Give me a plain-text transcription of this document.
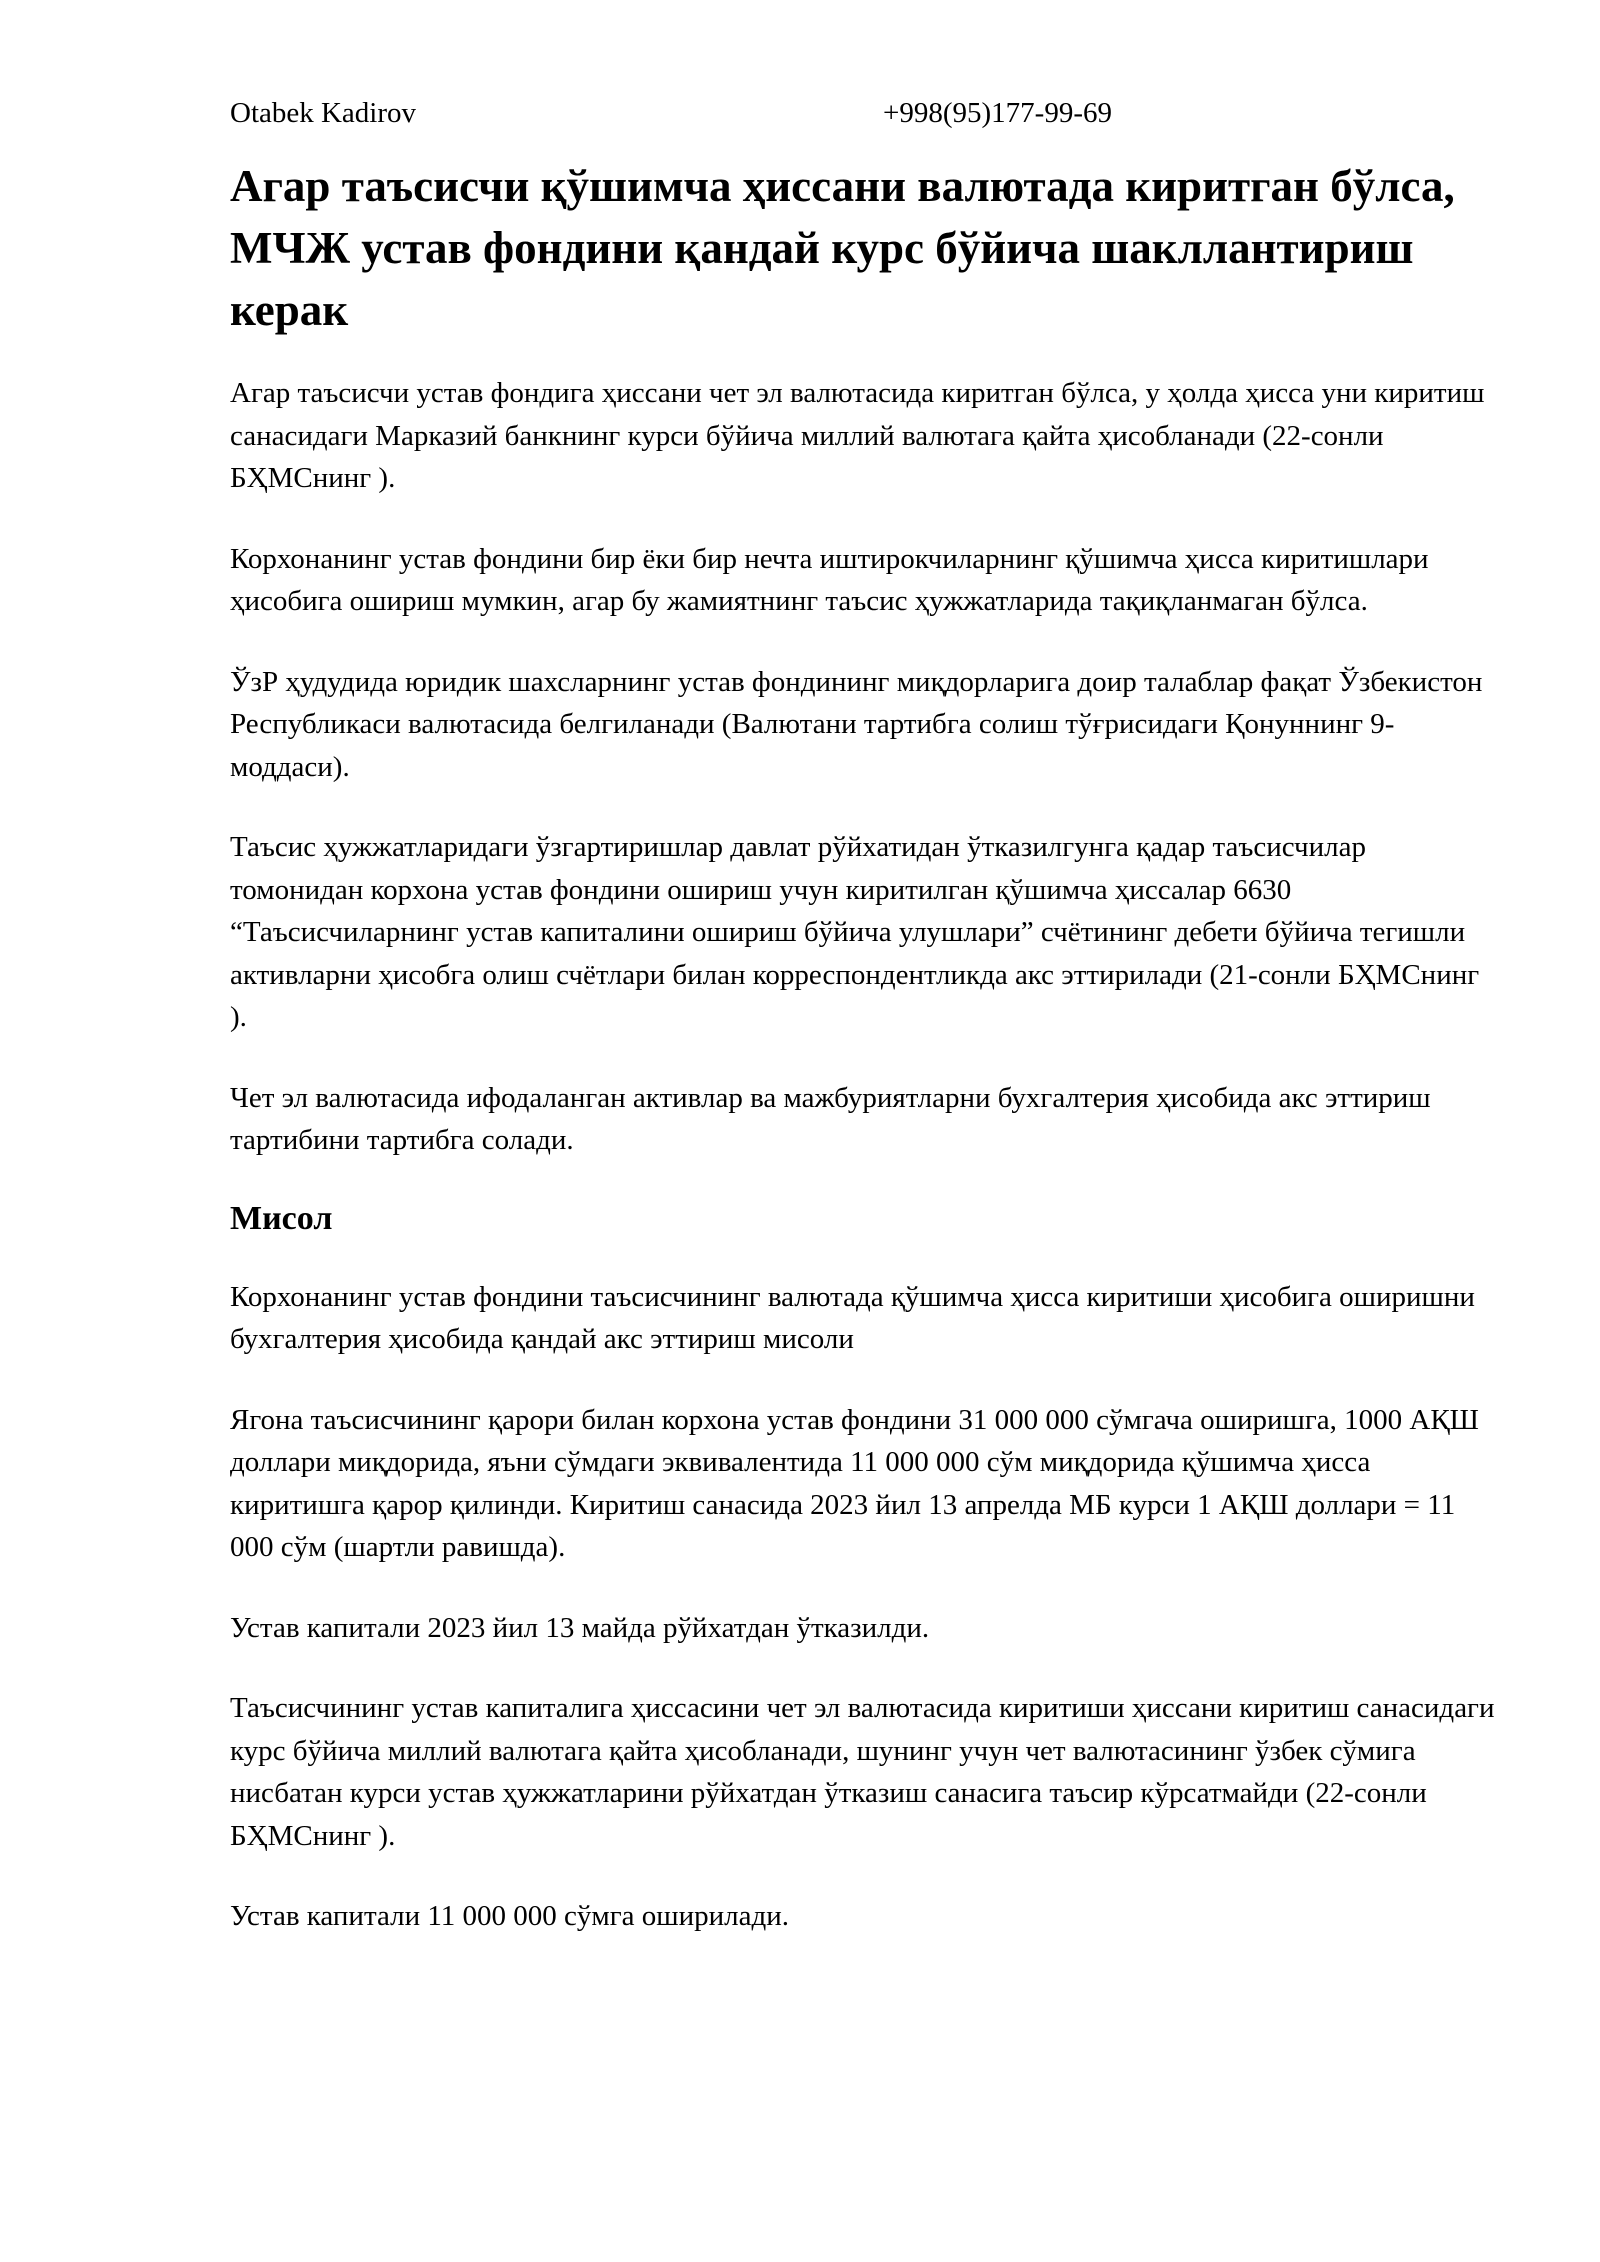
Otabek Kadirov	+998(95)177-99-69
Агар таъсисчи қўшимча ҳиссани валютада киритган бўлса, МЧЖ устав фондини қандай курс бўйича шакллантириш керак

Агар таъсисчи устав фондига ҳиссани чет эл валютасида киритган бўлса, у ҳолда ҳисса уни киритиш санасидаги Марказий банкнинг курси бўйича миллий валютага қайта ҳисобланади (22-сонли БҲМСнинг ).

Корхонанинг устав фондини бир ёки бир нечта иштирокчиларнинг қўшимча ҳисса киритишлари ҳисобига ошириш мумкин, агар бу жамиятнинг таъсис ҳужжатларида тақиқланмаган бўлса.

ЎзР ҳудудида юридик шахсларнинг устав фондининг миқдорларига доир талаблар фақат Ўзбекистон Республикаси валютасида белгиланади (Валютани тартибга солиш тўғрисидаги Қонуннинг 9-моддаси).

Таъсис ҳужжатларидаги ўзгартиришлар давлат рўйхатидан ўтказилгунга қадар таъсисчилар томонидан корхона устав фондини ошириш учун киритилган қўшимча ҳиссалар 6630 “Таъсисчиларнинг устав капиталини ошириш бўйича улушлари” счётининг дебети бўйича тегишли активларни ҳисобга олиш счётлари билан корреспондентликда акс эттирилади (21-сонли БҲМСнинг ).

Чет эл валютасида ифодаланган активлар ва мажбуриятларни бухгалтерия ҳисобида акс эттириш тартибини тартибга солади.

Мисол

Корхонанинг устав фондини таъсисчининг валютада қўшимча ҳисса киритиши ҳисобига оширишни бухгалтерия ҳисобида қандай акс эттириш мисоли

Ягона таъсисчининг қарори билан корхона устав фондини 31 000 000 сўмгача оширишга, 1000 АҚШ доллари миқдорида, яъни сўмдаги эквивалентида 11 000 000 сўм миқдорида қўшимча ҳисса киритишга қарор қилинди. Киритиш санасида 2023 йил 13 апрелда МБ курси 1 АҚШ доллари = 11 000 сўм (шартли равишда).

Устав капитали 2023 йил 13 майда рўйхатдан ўтказилди.

Таъсисчининг устав капиталига ҳиссасини чет эл валютасида киритиши ҳиссани киритиш санасидаги курс бўйича миллий валютага қайта ҳисобланади, шунинг учун чет валютасининг ўзбек сўмига нисбатан курси устав ҳужжатларини рўйхатдан ўтказиш санасига таъсир кўрсатмайди (22-сонли БҲМСнинг ).

Устав капитали 11 000 000 сўмга оширилади.
